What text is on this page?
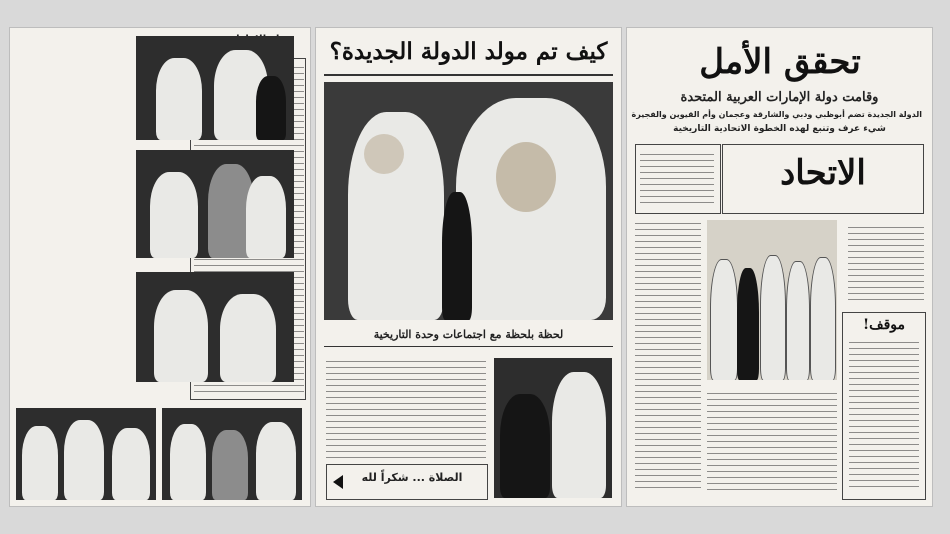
كيف تم مولد الدولة الجديدة؟
لحظة بلحظة مع اجتماعات وحدة التاريخية
الصلاة ... شكراً لله
تحقق الأمل
وقامت دولة الإمارات العربية المتحدة
الدولة الجديدة تضم أبوظبي ودبي والشارقة وعجمان وأم القيوين والفجيرة
شيء عرف وتنبع لهذه الخطوة الاتحادية التاريخية
الاتحاد
موقف!
